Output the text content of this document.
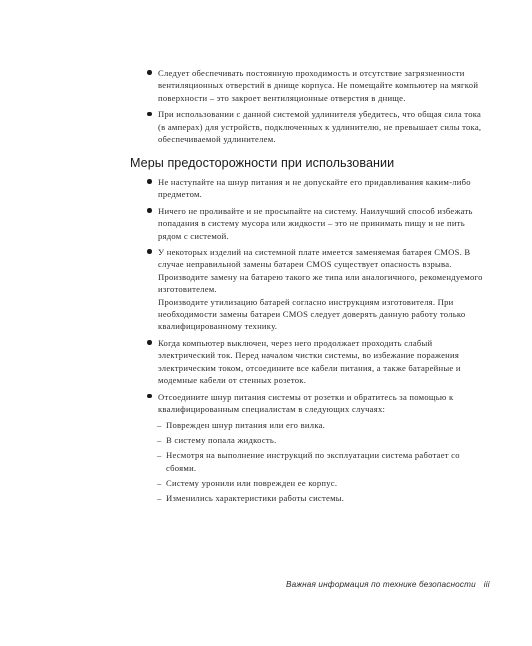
Следует обеспечивать постоянную проходимость и отсутствие загрязненности вентиляционных отверстий в днище корпуса. Не помещайте компьютер на мягкой поверхности – это закроет вентиляционные отверстия в днище.
При использовании с данной системой удлинителя убедитесь, что общая сила тока (в амперах) для устройств, подключенных к удлинителю, не превышает силы тока, обеспечиваемой удлинителем.
Меры предосторожности при использовании
Не наступайте на шнур питания и не допускайте его придавливания каким-либо предметом.
Ничего не проливайте и не просыпайте на систему. Наилучший способ избежать попадания в систему мусора или жидкости – это не принимать пищу и не пить рядом с системой.
У некоторых изделий на системной плате имеется заменяемая батарея CMOS. В случае неправильной замены батареи CMOS существует опасность взрыва. Производите замену на батарею такого же типа или аналогичного, рекомендуемого изготовителем.
Производите утилизацию батарей согласно инструкциям изготовителя. При необходимости замены батареи CMOS следует доверять данную работу только квалифицированному технику.
Когда компьютер выключен, через него продолжает проходить слабый электрический ток. Перед началом чистки системы, во избежание поражения электрическим током, отсоедините все кабели питания, а также батарейные и модемные кабели от стенных розеток.
Отсоедините шнур питания системы от розетки и обратитесь за помощью к квалифицированным специалистам в следующих случаях:
– Поврежден шнур питания или его вилка.
– В систему попала жидкость.
– Несмотря на выполнение инструкций по эксплуатации система работает со сбоями.
– Систему уронили или поврежден ее корпус.
– Изменились характеристики работы системы.
Важная информация по технике безопасности iii
